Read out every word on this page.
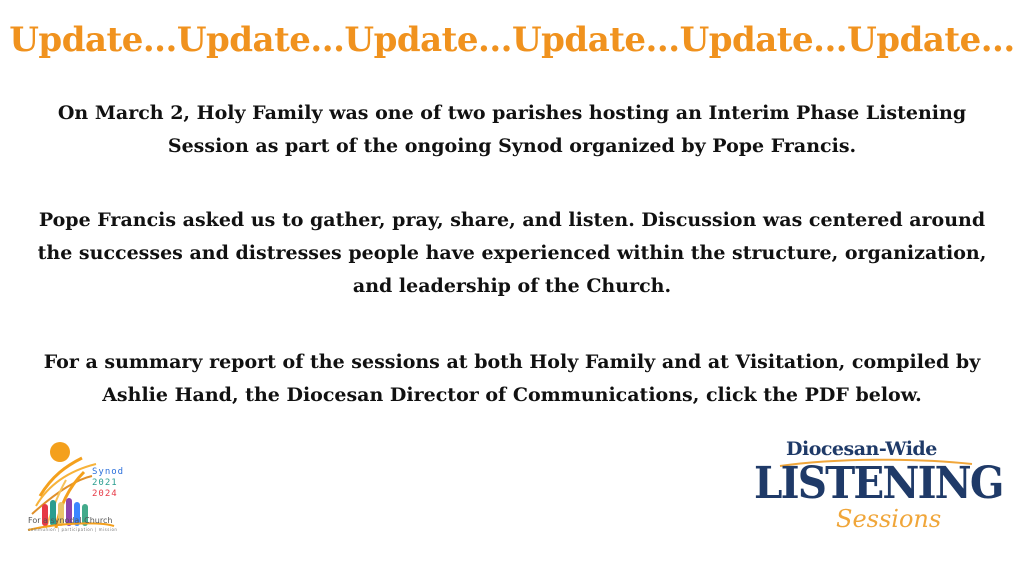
Update...Update...Update...Update...Update...Update...
On March 2, Holy Family was one of two parishes hosting an Interim Phase Listening Session as part of the ongoing Synod organized by Pope Francis.
Pope Francis asked us to gather, pray, share, and listen. Discussion was centered around the successes and distresses people have experienced within the structure, organization, and leadership of the Church.
For a summary report of the sessions at both Holy Family and at Visitation, compiled by Ashlie Hand, the Diocesan Director of Communications, click the PDF below.
Synod
2021
2024
For a synodal Church
communion | participation | mission
Diocesan-Wide
LISTENING
Sessions
